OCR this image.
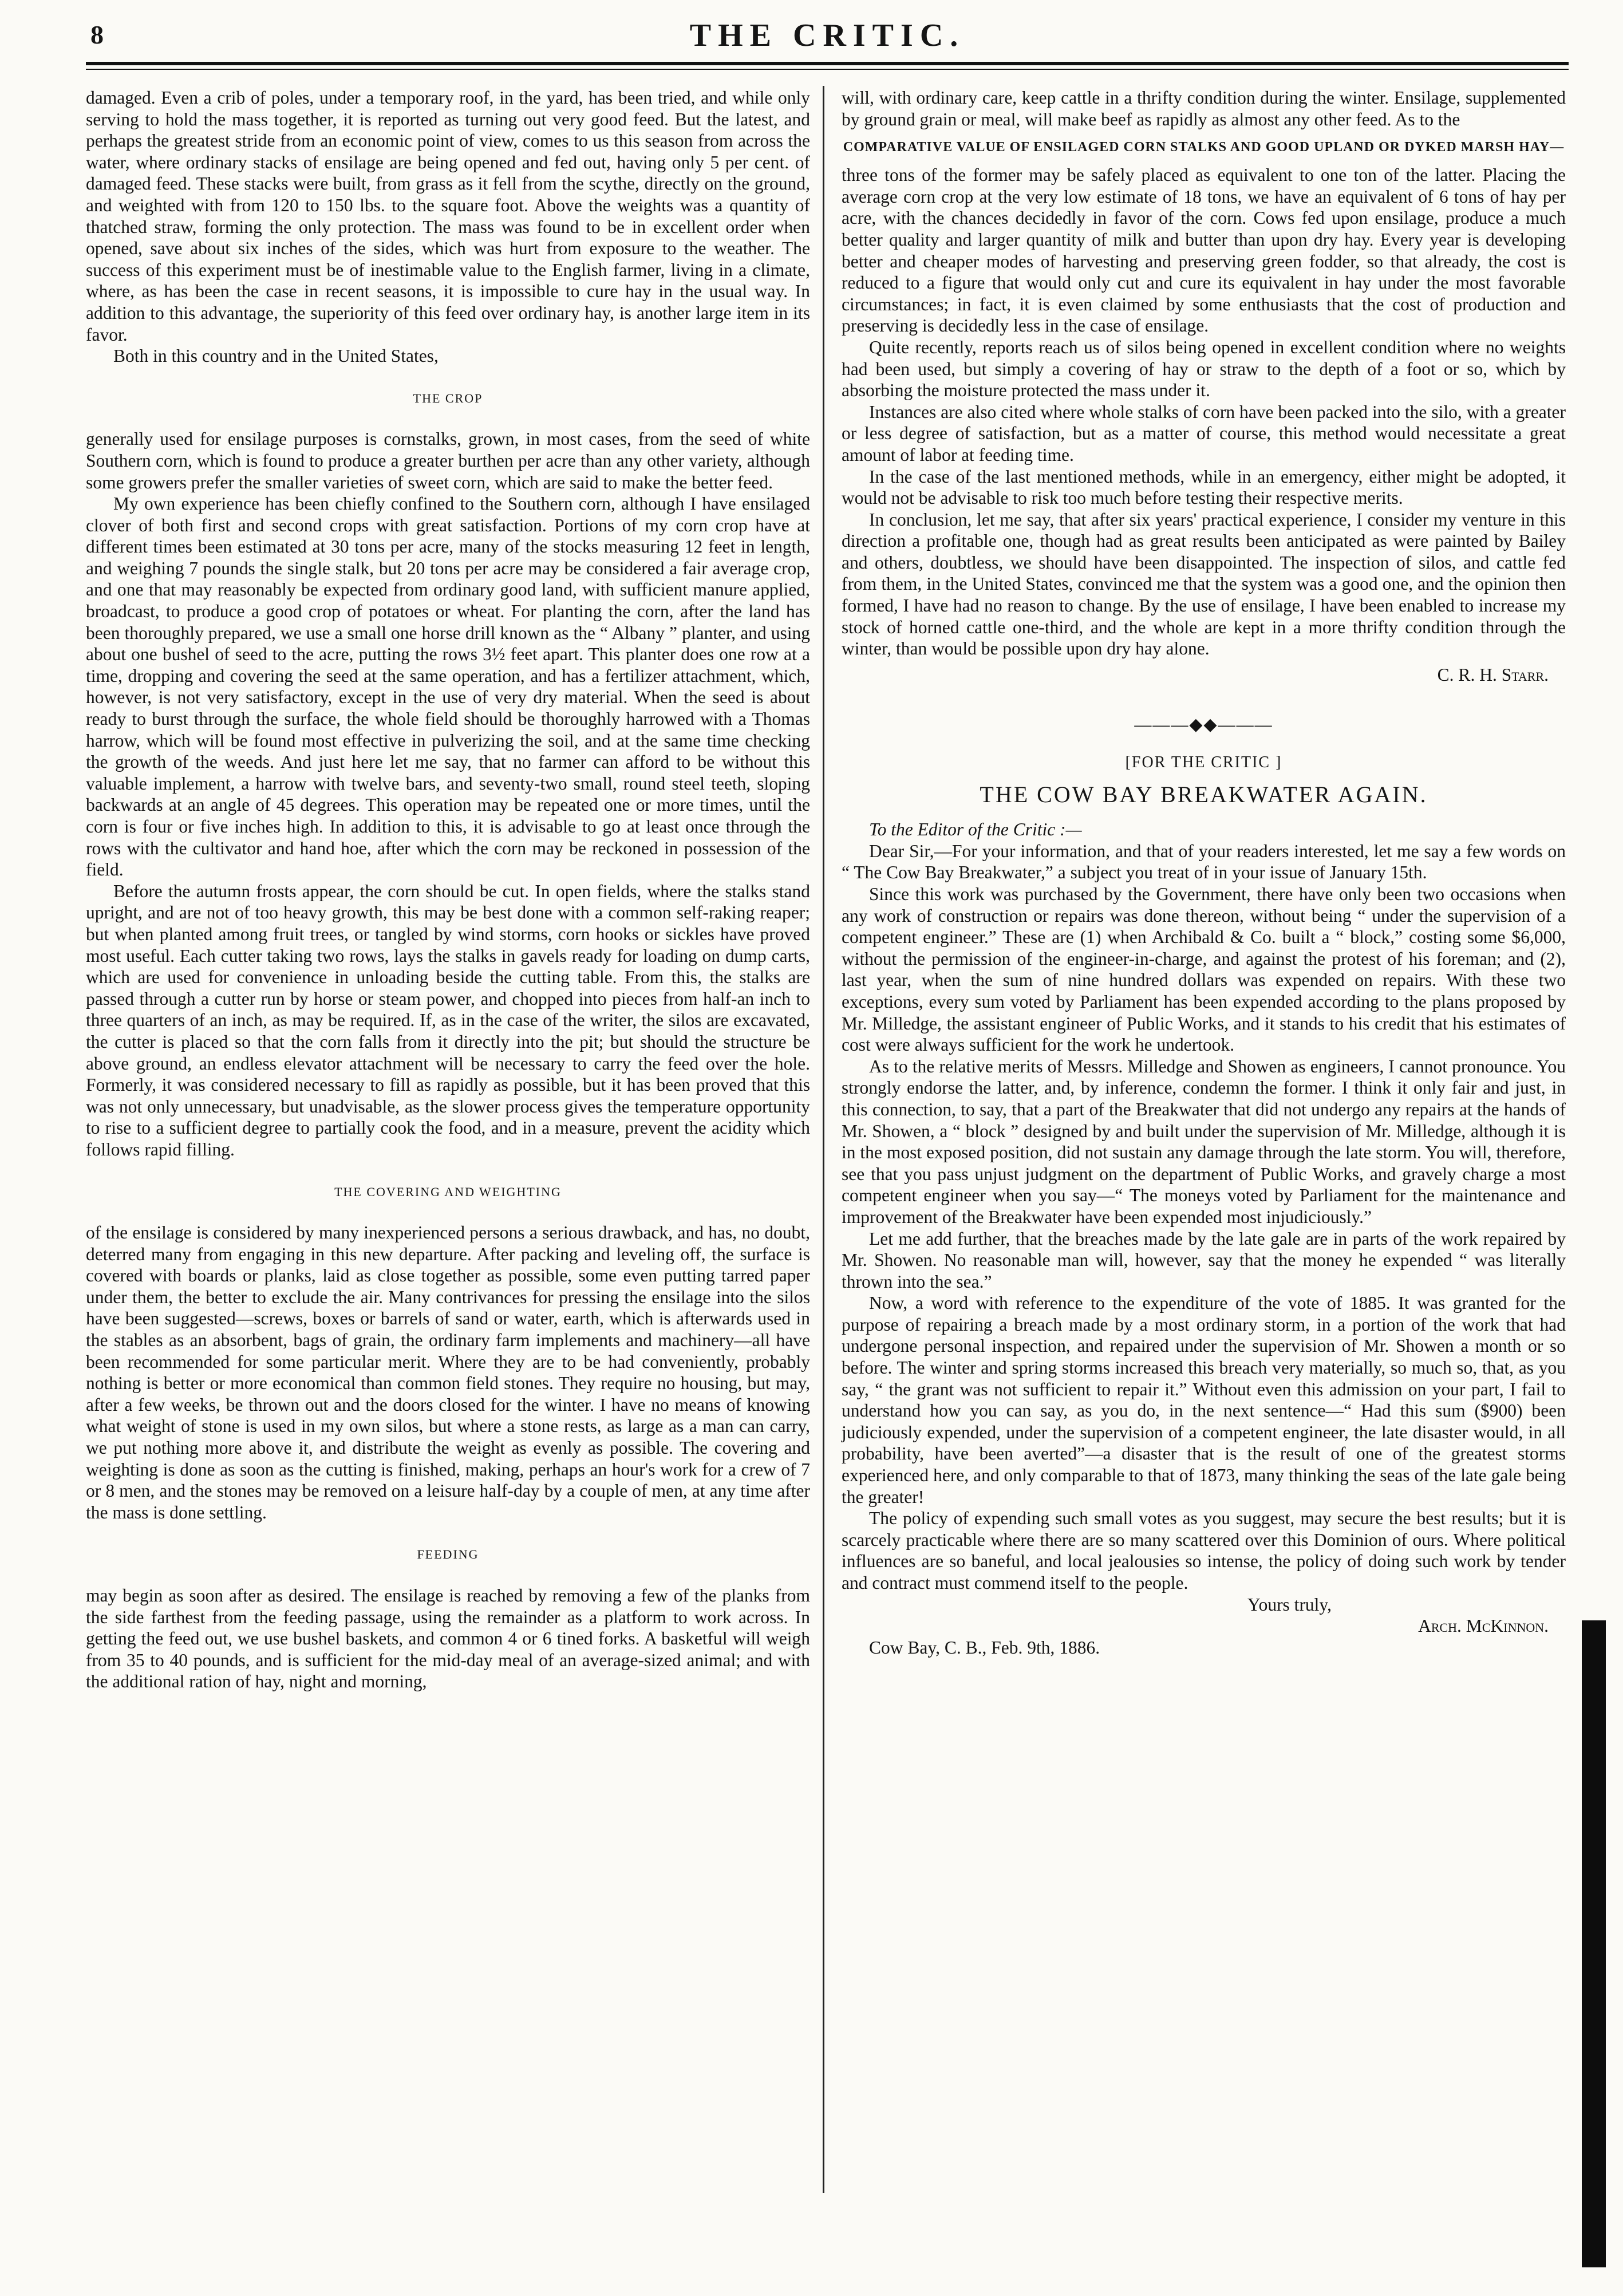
8	THE CRITIC.

damaged. Even a crib of poles, under a temporary roof, in the yard, has been tried, and while only serving to hold the mass together, it is reported as turning out very good feed. But the latest, and perhaps the greatest stride from an economic point of view, comes to us this season from across the water, where ordinary stacks of ensilage are being opened and fed out, having only 5 per cent. of damaged feed. These stacks were built, from grass as it fell from the scythe, directly on the ground, and weighted with from 120 to 150 lbs. to the square foot. Above the weights was a quantity of thatched straw, forming the only protection. The mass was found to be in excellent order when opened, save about six inches of the sides, which was hurt from exposure to the weather. The success of this experiment must be of inestimable value to the English farmer, living in a climate, where, as has been the case in recent seasons, it is impossible to cure hay in the usual way. In addition to this advantage, the superiority of this feed over ordinary hay, is another large item in its favor.

Both in this country and in the United States,

THE CROP

generally used for ensilage purposes is cornstalks, grown, in most cases, from the seed of white Southern corn, which is found to produce a greater burthen per acre than any other variety, although some growers prefer the smaller varieties of sweet corn, which are said to make the better feed.

My own experience has been chiefly confined to the Southern corn, although I have ensilaged clover of both first and second crops with great satisfaction. Portions of my corn crop have at different times been estimated at 30 tons per acre, many of the stocks measuring 12 feet in length, and weighing 7 pounds the single stalk, but 20 tons per acre may be considered a fair average crop, and one that may reasonably be expected from ordinary good land, with sufficient manure applied, broadcast, to produce a good crop of potatoes or wheat. For planting the corn, after the land has been thoroughly prepared, we use a small one horse drill known as the “ Albany ” planter, and using about one bushel of seed to the acre, putting the rows 3½ feet apart. This planter does one row at a time, dropping and covering the seed at the same operation, and has a fertilizer attachment, which, however, is not very satisfactory, except in the use of very dry material. When the seed is about ready to burst through the surface, the whole field should be thoroughly harrowed with a Thomas harrow, which will be found most effective in pulverizing the soil, and at the same time checking the growth of the weeds. And just here let me say, that no farmer can afford to be without this valuable implement, a harrow with twelve bars, and seventy-two small, round steel teeth, sloping backwards at an angle of 45 degrees. This operation may be repeated one or more times, until the corn is four or five inches high. In addition to this, it is advisable to go at least once through the rows with the cultivator and hand hoe, after which the corn may be reckoned in possession of the field.

Before the autumn frosts appear, the corn should be cut. In open fields, where the stalks stand upright, and are not of too heavy growth, this may be best done with a common self-raking reaper; but when planted among fruit trees, or tangled by wind storms, corn hooks or sickles have proved most useful. Each cutter taking two rows, lays the stalks in gavels ready for loading on dump carts, which are used for convenience in unloading beside the cutting table. From this, the stalks are passed through a cutter run by horse or steam power, and chopped into pieces from half-an inch to three quarters of an inch, as may be required. If, as in the case of the writer, the silos are excavated, the cutter is placed so that the corn falls from it directly into the pit; but should the structure be above ground, an endless elevator attachment will be necessary to carry the feed over the hole. Formerly, it was considered necessary to fill as rapidly as possible, but it has been proved that this was not only unnecessary, but unadvisable, as the slower process gives the temperature opportunity to rise to a sufficient degree to partially cook the food, and in a measure, prevent the acidity which follows rapid filling.

THE COVERING AND WEIGHTING

of the ensilage is considered by many inexperienced persons a serious drawback, and has, no doubt, deterred many from engaging in this new departure. After packing and leveling off, the surface is covered with boards or planks, laid as close together as possible, some even putting tarred paper under them, the better to exclude the air. Many contrivances for pressing the ensilage into the silos have been suggested—screws, boxes or barrels of sand or water, earth, which is afterwards used in the stables as an absorbent, bags of grain, the ordinary farm implements and machinery—all have been recommended for some particular merit. Where they are to be had conveniently, probably nothing is better or more economical than common field stones. They require no housing, but may, after a few weeks, be thrown out and the doors closed for the winter. I have no means of knowing what weight of stone is used in my own silos, but where a stone rests, as large as a man can carry, we put nothing more above it, and distribute the weight as evenly as possible. The covering and weighting is done as soon as the cutting is finished, making, perhaps an hour's work for a crew of 7 or 8 men, and the stones may be removed on a leisure half-day by a couple of men, at any time after the mass is done settling.

FEEDING

may begin as soon after as desired. The ensilage is reached by removing a few of the planks from the side farthest from the feeding passage, using the remainder as a platform to work across. In getting the feed out, we use bushel baskets, and common 4 or 6 tined forks. A basketful will weigh from 35 to 40 pounds, and is sufficient for the mid-day meal of an average-sized animal; and with the additional ration of hay, night and morning,

will, with ordinary care, keep cattle in a thrifty condition during the winter. Ensilage, supplemented by ground grain or meal, will make beef as rapidly as almost any other feed. As to the

COMPARATIVE VALUE OF ENSILAGED CORN STALKS AND GOOD UPLAND OR DYKED MARSH HAY—

three tons of the former may be safely placed as equivalent to one ton of the latter. Placing the average corn crop at the very low estimate of 18 tons, we have an equivalent of 6 tons of hay per acre, with the chances decidedly in favor of the corn. Cows fed upon ensilage, produce a much better quality and larger quantity of milk and butter than upon dry hay. Every year is developing better and cheaper modes of harvesting and preserving green fodder, so that already, the cost is reduced to a figure that would only cut and cure its equivalent in hay under the most favorable circumstances; in fact, it is even claimed by some enthusiasts that the cost of production and preserving is decidedly less in the case of ensilage.

Quite recently, reports reach us of silos being opened in excellent condition where no weights had been used, but simply a covering of hay or straw to the depth of a foot or so, which by absorbing the moisture protected the mass under it.

Instances are also cited where whole stalks of corn have been packed into the silo, with a greater or less degree of satisfaction, but as a matter of course, this method would necessitate a great amount of labor at feeding time.

In the case of the last mentioned methods, while in an emergency, either might be adopted, it would not be advisable to risk too much before testing their respective merits.

In conclusion, let me say, that after six years' practical experience, I consider my venture in this direction a profitable one, though had as great results been anticipated as were painted by Bailey and others, doubtless, we should have been disappointed. The inspection of silos, and cattle fed from them, in the United States, convinced me that the system was a good one, and the opinion then formed, I have had no reason to change. By the use of ensilage, I have been enabled to increase my stock of horned cattle one-third, and the whole are kept in a more thrifty condition through the winter, than would be possible upon dry hay alone.

C. R. H. Starr.
———◆◆———
[FOR THE CRITIC ]
THE COW BAY BREAKWATER AGAIN.

To the Editor of the Critic :—

Dear Sir,—For your information, and that of your readers interested, let me say a few words on “ The Cow Bay Breakwater,” a subject you treat of in your issue of January 15th.

Since this work was purchased by the Government, there have only been two occasions when any work of construction or repairs was done thereon, without being “ under the supervision of a competent engineer.” These are (1) when Archibald & Co. built a “ block,” costing some $6,000, without the permission of the engineer-in-charge, and against the protest of his foreman; and (2), last year, when the sum of nine hundred dollars was expended on repairs. With these two exceptions, every sum voted by Parliament has been expended according to the plans proposed by Mr. Milledge, the assistant engineer of Public Works, and it stands to his credit that his estimates of cost were always sufficient for the work he undertook.

As to the relative merits of Messrs. Milledge and Showen as engineers, I cannot pronounce. You strongly endorse the latter, and, by inference, condemn the former. I think it only fair and just, in this connection, to say, that a part of the Breakwater that did not undergo any repairs at the hands of Mr. Showen, a “ block ” designed by and built under the supervision of Mr. Milledge, although it is in the most exposed position, did not sustain any damage through the late storm. You will, therefore, see that you pass unjust judgment on the department of Public Works, and gravely charge a most competent engineer when you say—“ The moneys voted by Parliament for the maintenance and improvement of the Breakwater have been expended most injudiciously.”

Let me add further, that the breaches made by the late gale are in parts of the work repaired by Mr. Showen. No reasonable man will, however, say that the money he expended “ was literally thrown into the sea.”

Now, a word with reference to the expenditure of the vote of 1885. It was granted for the purpose of repairing a breach made by a most ordinary storm, in a portion of the work that had undergone personal inspection, and repaired under the supervision of Mr. Showen a month or so before. The winter and spring storms increased this breach very materially, so much so, that, as you say, “ the grant was not sufficient to repair it.” Without even this admission on your part, I fail to understand how you can say, as you do, in the next sentence—“ Had this sum ($900) been judiciously expended, under the supervision of a competent engineer, the late disaster would, in all probability, have been averted”—a disaster that is the result of one of the greatest storms experienced here, and only comparable to that of 1873, many thinking the seas of the late gale being the greater!

The policy of expending such small votes as you suggest, may secure the best results; but it is scarcely practicable where there are so many scattered over this Dominion of ours. Where political influences are so baneful, and local jealousies so intense, the policy of doing such work by tender and contract must commend itself to the people.

Yours truly,
Arch. McKinnon.
Cow Bay, C. B., Feb. 9th, 1886.
